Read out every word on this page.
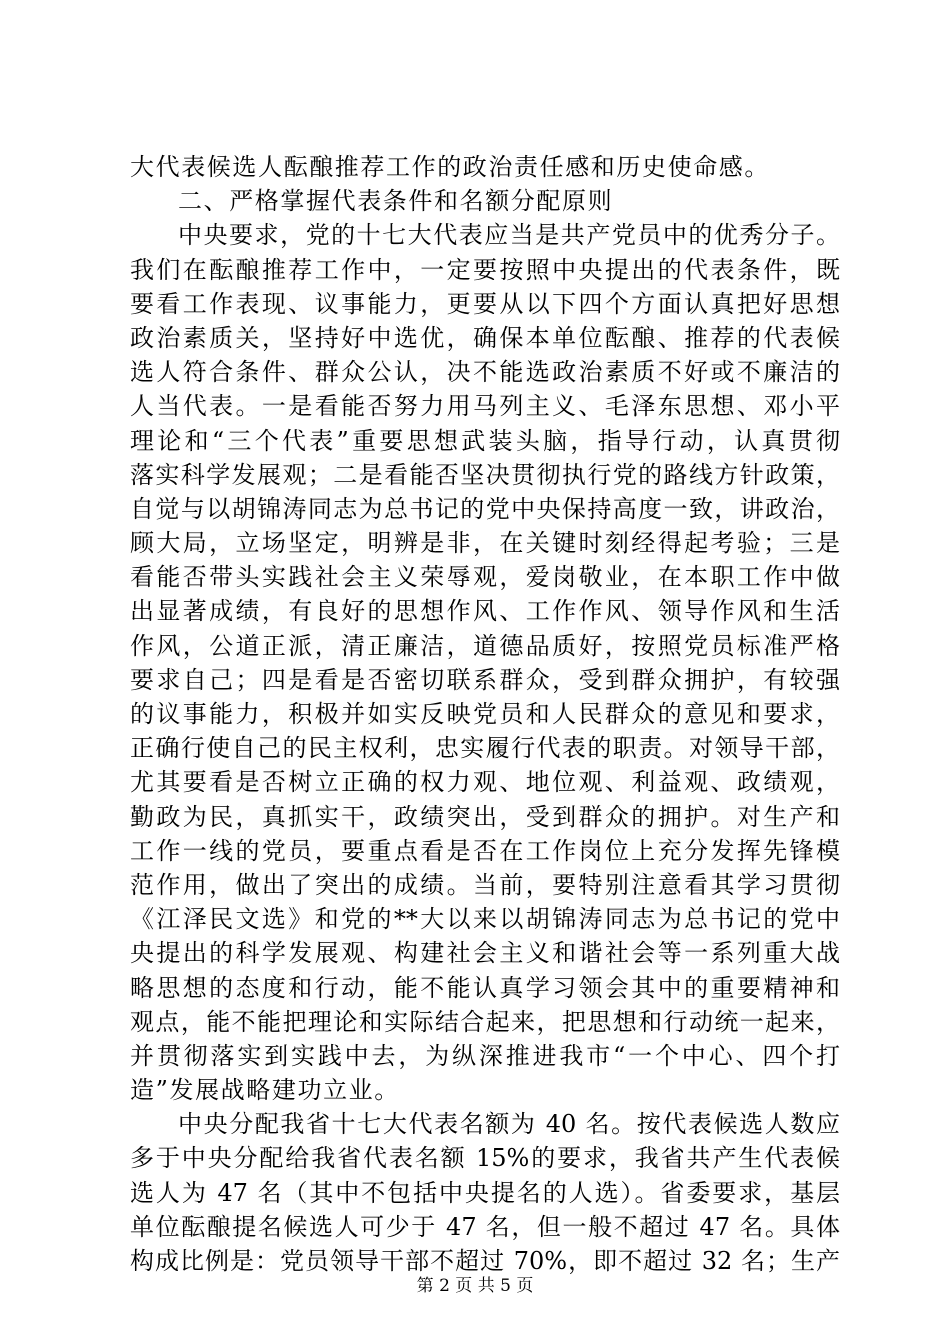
大代表候选人酝酿推荐工作的政治责任感和历史使命感。
二、严格掌握代表条件和名额分配原则
中央要求，党的十七大代表应当是共产党员中的优秀分子。
我们在酝酿推荐工作中，一定要按照中央提出的代表条件，既
要看工作表现、议事能力，更要从以下四个方面认真把好思想
政治素质关，坚持好中选优，确保本单位酝酿、推荐的代表候
选人符合条件、群众公认，决不能选政治素质不好或不廉洁的
人当代表。一是看能否努力用马列主义、毛泽东思想、邓小平
理论和“三个代表”重要思想武装头脑，指导行动，认真贯彻
落实科学发展观；二是看能否坚决贯彻执行党的路线方针政策，
自觉与以胡锦涛同志为总书记的党中央保持高度一致，讲政治，
顾大局，立场坚定，明辨是非，在关键时刻经得起考验；三是
看能否带头实践社会主义荣辱观，爱岗敬业，在本职工作中做
出显著成绩，有良好的思想作风、工作作风、领导作风和生活
作风，公道正派，清正廉洁，道德品质好，按照党员标准严格
要求自己；四是看是否密切联系群众，受到群众拥护，有较强
的议事能力，积极并如实反映党员和人民群众的意见和要求，
正确行使自己的民主权利，忠实履行代表的职责。对领导干部，
尤其要看是否树立正确的权力观、地位观、利益观、政绩观，
勤政为民，真抓实干，政绩突出，受到群众的拥护。对生产和
工作一线的党员，要重点看是否在工作岗位上充分发挥先锋模
范作用，做出了突出的成绩。当前，要特别注意看其学习贯彻
《江泽民文选》和党的**大以来以胡锦涛同志为总书记的党中
央提出的科学发展观、构建社会主义和谐社会等一系列重大战
略思想的态度和行动，能不能认真学习领会其中的重要精神和
观点，能不能把理论和实际结合起来，把思想和行动统一起来，
并贯彻落实到实践中去，为纵深推进我市“一个中心、四个打
造”发展战略建功立业。
中央分配我省十七大代表名额为 40 名。按代表候选人数应
多于中央分配给我省代表名额 15%的要求，我省共产生代表候
选人为 47 名（其中不包括中央提名的人选）。省委要求，基层
单位酝酿提名候选人可少于 47 名，但一般不超过 47 名。具体
构成比例是：党员领导干部不超过 70%，即不超过 32 名；生产
第 2 页 共 5 页
